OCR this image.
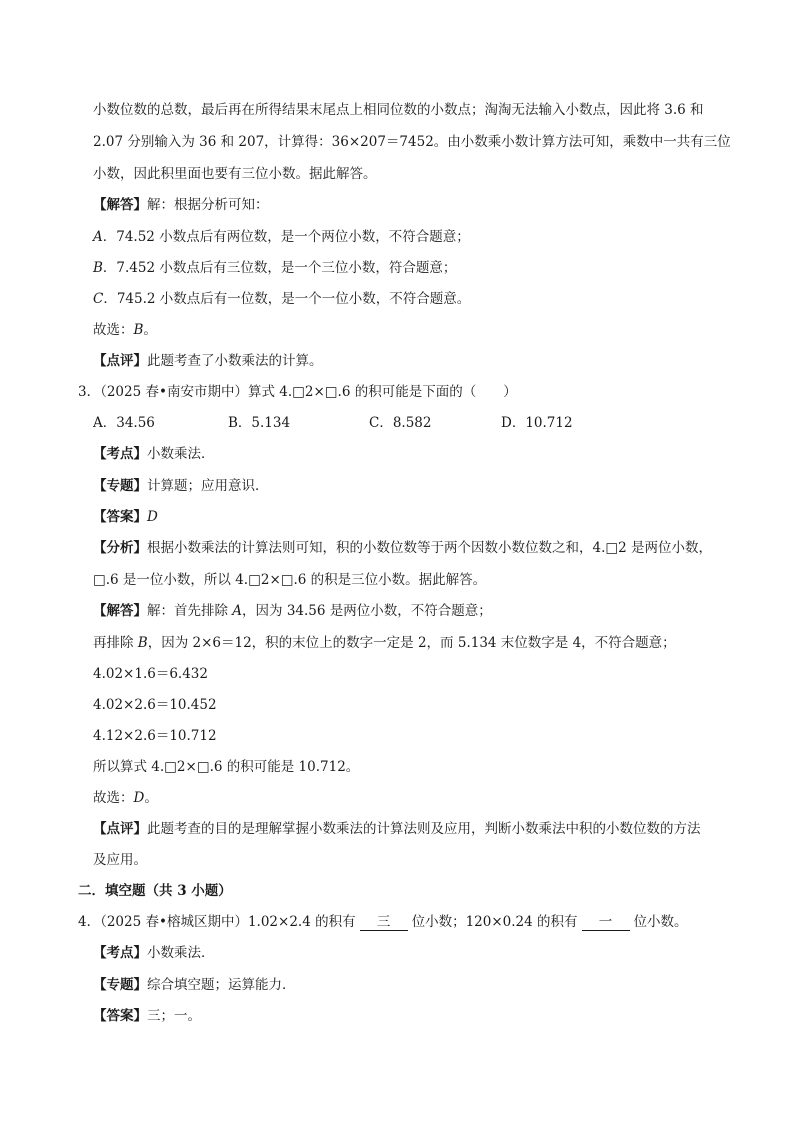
小数位数的总数，最后再在所得结果末尾点上相同位数的小数点；淘淘无法输入小数点，因此将 3.6 和
2.07 分别输入为 36 和 207，计算得：36×207＝7452。由小数乘小数计算方法可知，乘数中一共有三位
小数，因此积里面也要有三位小数。据此解答。
【解答】解：根据分析可知：
A．74.52 小数点后有两位数，是一个两位小数，不符合题意；
B．7.452 小数点后有三位数，是一个三位小数，符合题意；
C．745.2 小数点后有一位数，是一个一位小数，不符合题意。
故选：B。
【点评】此题考查了小数乘法的计算。
3．（2025 春•南安市期中）算式 4.□2×□.6 的积可能是下面的（　　）
A．34.56	B．5.134	C．8.582	D．10.712
【考点】小数乘法．
【专题】计算题；应用意识．
【答案】D
【分析】根据小数乘法的计算法则可知，积的小数位数等于两个因数小数位数之和，4.□2 是两位小数，
□.6 是一位小数，所以 4.□2×□.6 的积是三位小数。据此解答。
【解答】解：首先排除 A，因为 34.56 是两位小数，不符合题意；
再排除 B，因为 2×6＝12，积的末位上的数字一定是 2，而 5.134 末位数字是 4，不符合题意；
4.02×1.6＝6.432
4.02×2.6＝10.452
4.12×2.6＝10.712
所以算式 4.□2×□.6 的积可能是 10.712。
故选：D。
【点评】此题考查的目的是理解掌握小数乘法的计算法则及应用，判断小数乘法中积的小数位数的方法
及应用。
二．填空题（共 3 小题）
4．（2025 春•榕城区期中）1.02×2.4 的积有 三 位小数；120×0.24 的积有 一 位小数。
【考点】小数乘法．
【专题】综合填空题；运算能力．
【答案】三；一。
